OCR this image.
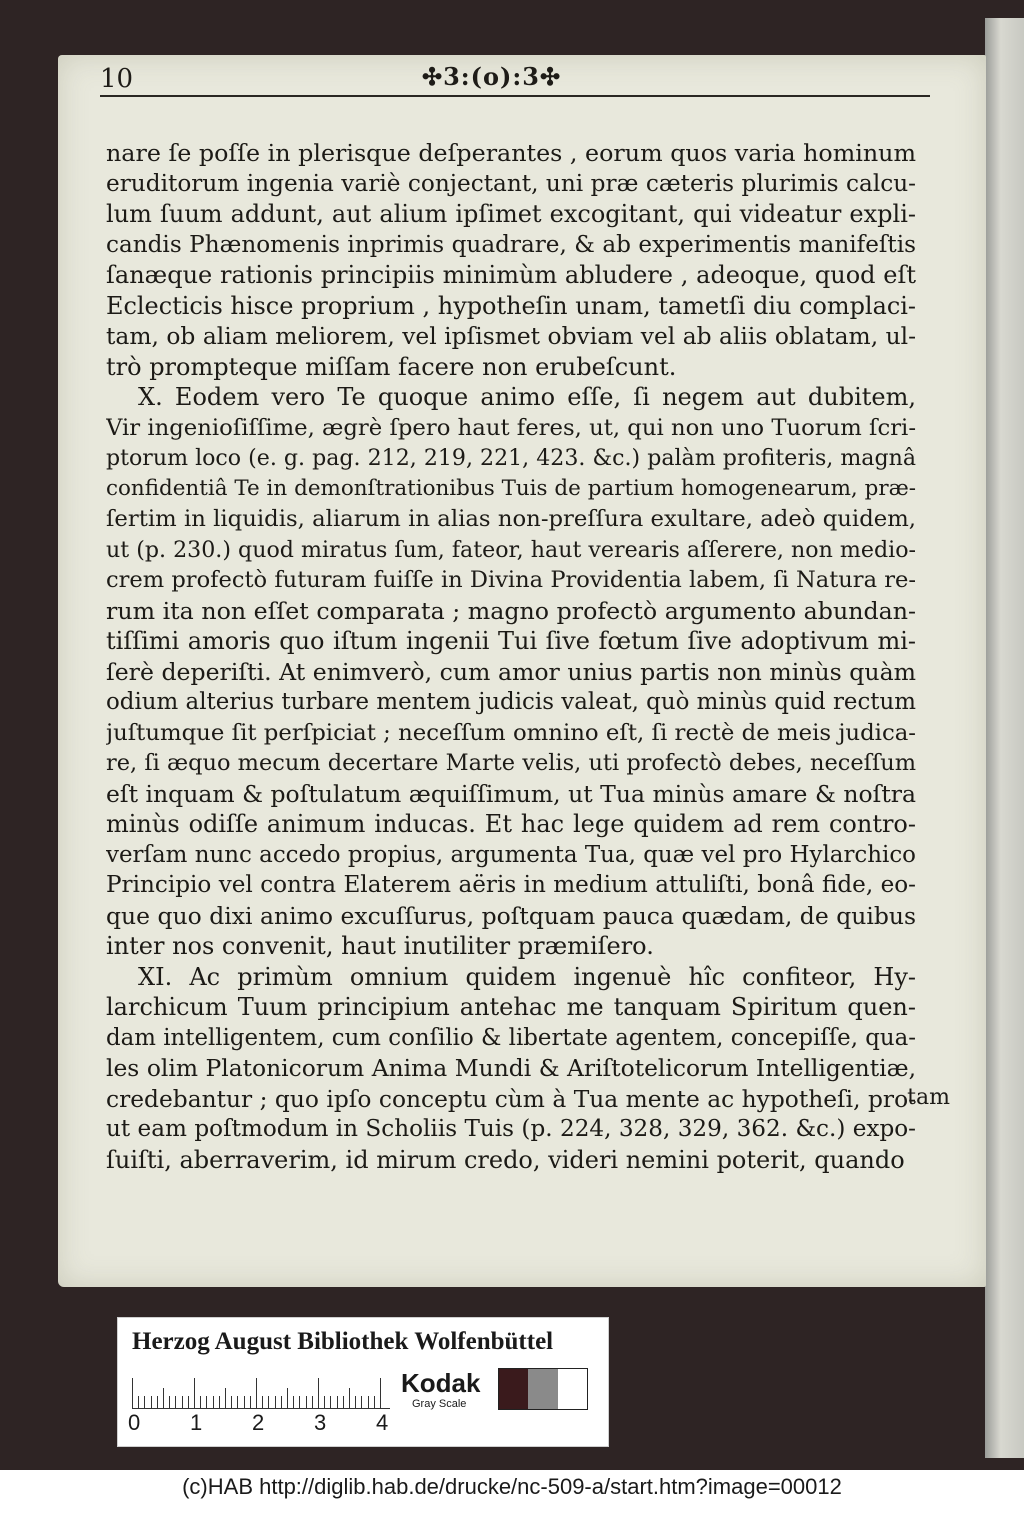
10	✣3:(o):3✣
nare ſe poſſe in plerisque deſperantes , eorum quos varia hominum
eruditorum ingenia variè conjectant, uni præ cæteris plurimis calcu-
lum ſuum addunt, aut alium ipſimet excogitant, qui videatur expli-
candis Phænomenis inprimis quadrare, & ab experimentis manifeſtis
ſanæque rationis principiis minimùm abludere , adeoque, quod eſt
Eclecticis hisce proprium , hypotheſin unam, tametſi diu complaci-
tam, ob aliam meliorem, vel ipſismet obviam vel ab aliis oblatam, ul-
trò prompteque miſſam facere non erubeſcunt.
X. Eodem vero Te quoque animo eſſe, ſi negem aut dubitem,
Vir ingenioſiſſime, ægrè ſpero haut feres, ut, qui non uno Tuorum ſcri-
ptorum loco (e. g. pag. 212, 219, 221, 423. &c.) palàm profiteris, magnâ
confidentiâ Te in demonſtrationibus Tuis de partium homogenearum, præ-
ſertim in liquidis, aliarum in alias non-preſſura exultare, adeò quidem,
ut (p. 230.) quod miratus ſum, fateor, haut verearis aſſerere, non medio-
crem profectò futuram fuiſſe in Divina Providentia labem, ſi Natura re-
rum ita non eſſet comparata ; magno profectò argumento abundan-
tiſſimi amoris quo iſtum ingenii Tui ſive fœtum ſive adoptivum mi-
ſerè deperiſti. At enimverò, cum amor unius partis non minùs quàm
odium alterius turbare mentem judicis valeat, quò minùs quid rectum
juſtumque ſit perſpiciat ; neceſſum omnino eſt, ſi rectè de meis judica-
re, ſi æquo mecum decertare Marte velis, uti profectò debes, neceſſum
eſt inquam & poſtulatum æquiſſimum, ut Tua minùs amare & noſtra
minùs odiſſe animum inducas. Et hac lege quidem ad rem contro-
verſam nunc accedo propius, argumenta Tua, quæ vel pro Hylarchico
Principio vel contra Elaterem aëris in medium attuliſti, bonâ fide, eo-
que quo dixi animo excuſſurus, poſtquam pauca quædam, de quibus
inter nos convenit, haut inutiliter præmiſero.
XI. Ac primùm omnium quidem ingenuè hîc confiteor, Hy-
larchicum Tuum principium antehac me tanquam Spiritum quen-
dam intelligentem, cum conſilio & libertate agentem, concepiſſe, qua-
les olim Platonicorum Anima Mundi & Ariſtotelicorum Intelligentiæ,
credebantur ; quo ipſo conceptu cùm à Tua mente ac hypotheſi, pro-
ut eam poſtmodum in Scholiis Tuis (p. 224, 328, 329, 362. &c.) expo-
ſuiſti, aberraverim, id mirum credo, videri nemini poterit, quando
tam
Herzog August Bibliothek Wolfenbüttel
0 1 2 3 4
Kodak
Gray Scale
(c)HAB http://diglib.hab.de/drucke/nc-509-a/start.htm?image=00012
